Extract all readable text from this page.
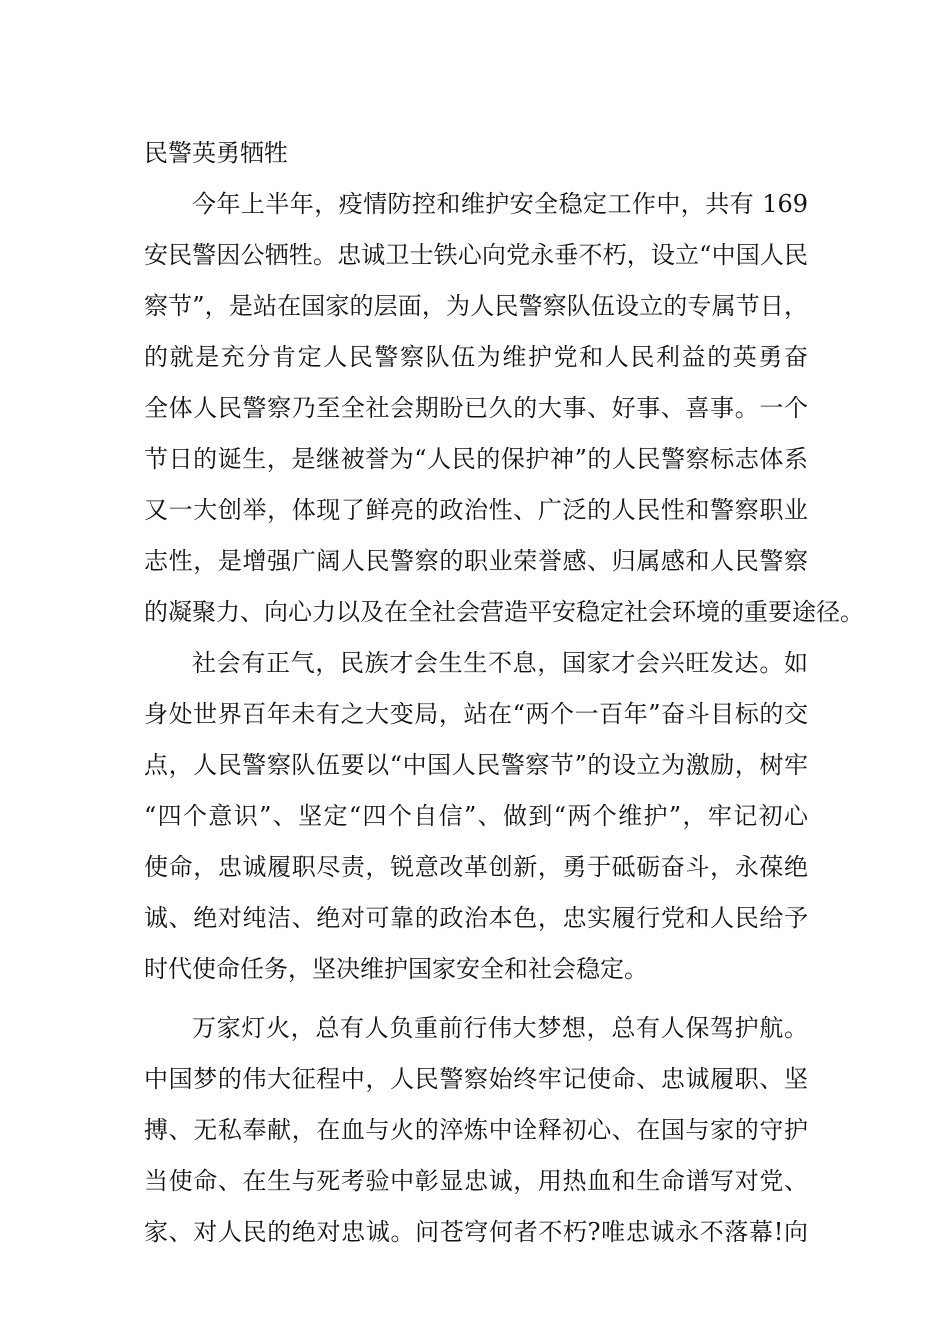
民警英勇牺牲
今年上半年，疫情防控和维护安全稳定工作中，共有 169
安民警因公牺牲。忠诚卫士铁心向党永垂不朽，设立“中国人民
察节”，是站在国家的层面，为人民警察队伍设立的专属节日，
的就是充分肯定人民警察队伍为维护党和人民利益的英勇奋
全体人民警察乃至全社会期盼已久的大事、好事、喜事。一个
节日的诞生，是继被誉为“人民的保护神”的人民警察标志体系
又一大创举，体现了鲜亮的政治性、广泛的人民性和警察职业
志性，是增强广阔人民警察的职业荣誉感、归属感和人民警察
的凝聚力、向心力以及在全社会营造平安稳定社会环境的重要途径。
社会有正气，民族才会生生不息，国家才会兴旺发达。如
身处世界百年未有之大变局，站在“两个一百年”奋斗目标的交
点，人民警察队伍要以“中国人民警察节”的设立为激励，树牢
“四个意识”、坚定“四个自信”、做到“两个维护”，牢记初心
使命，忠诚履职尽责，锐意改革创新，勇于砥砺奋斗，永葆绝
诚、绝对纯洁、绝对可靠的政治本色，忠实履行党和人民给予
时代使命任务，坚决维护国家安全和社会稳定。
万家灯火，总有人负重前行伟大梦想，总有人保驾护航。
中国梦的伟大征程中，人民警察始终牢记使命、忠诚履职、坚
搏、无私奉献，在血与火的淬炼中诠释初心、在国与家的守护
当使命、在生与死考验中彰显忠诚，用热血和生命谱写对党、
家、对人民的绝对忠诚。问苍穹何者不朽?唯忠诚永不落幕!向
